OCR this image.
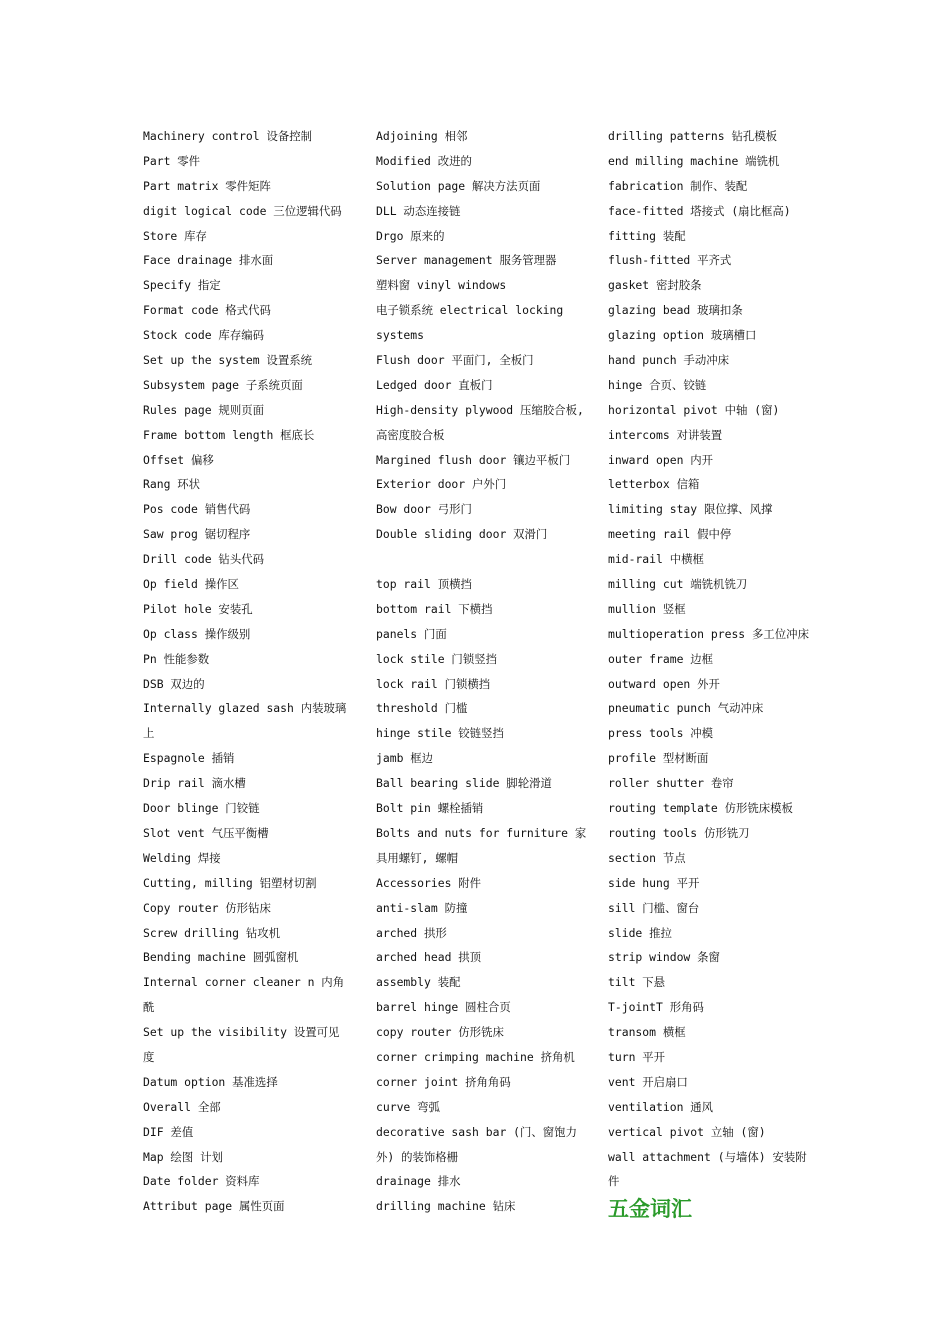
Machinery control 设备控制
Part 零件
Part matrix 零件矩阵
digit logical code 三位逻辑代码
Store 库存
Face drainage 排水面
Specify 指定
Format code 格式代码
Stock code 库存编码
Set up the system 设置系统
Subsystem page 子系统页面
Rules page 规则页面
Frame bottom length 框底长
Offset 偏移
Rang 环状
Pos code 销售代码
Saw prog 锯切程序
Drill code 钻头代码
Op field 操作区
Pilot hole 安装孔
Op class 操作级别
Pn 性能参数
DSB 双边的
Internally glazed sash 内装玻璃
上
Espagnole 插销
Drip rail 滴水槽
Door blinge 门铰链
Slot vent 气压平衡槽
Welding 焊接
Cutting, milling 铝塑材切割
Copy router 仿形钻床
Screw drilling 钻攻机
Bending machine 圆弧窗机
Internal corner cleaner n 内角
酰
Set up the visibility 设置可见
度
Datum option 基准选择
Overall 全部
DIF 差值
Map 绘图 计划
Date folder 资料库
Attribut page 属性页面
Adjoining 相邻
Modified 改进的
Solution page 解决方法页面
DLL 动态连接链
Drgo 原来的
Server management 服务管理器
塑料窗 vinyl windows
电子锁系统 electrical locking
systems
Flush door 平面门, 全板门
Ledged door 直板门
High-density plywood 压缩胶合板,
高密度胶合板
Margined flush door 镶边平板门
Exterior door 户外门
Bow door 弓形门
Double sliding door 双滑门
top rail 顶横挡
bottom rail 下横挡
panels 门面
lock stile 门锁竖挡
lock rail 门锁横挡
threshold 门槛
hinge stile 铰链竖挡
jamb 框边
Ball bearing slide 脚轮滑道
Bolt pin 螺栓插销
Bolts and nuts for furniture 家
具用螺钉, 螺帽
Accessories 附件
anti-slam 防撞
arched 拱形
arched head 拱顶
assembly 装配
barrel hinge 圆柱合页
copy router 仿形铣床
corner crimping machine 挤角机
corner joint 挤角角码
curve 弯弧
decorative sash bar (门、窗饱力
外) 的装饰格栅
drainage 排水
drilling machine 钻床
drilling patterns 钻孔模板
end milling machine 端铣机
fabrication 制作、装配
face-fitted 塔接式 (扇比框高)
fitting 装配
flush-fitted 平齐式
gasket 密封胶条
glazing bead 玻璃扣条
glazing option 玻璃槽口
hand punch 手动冲床
hinge 合页、铰链
horizontal pivot 中轴 (窗)
intercoms 对讲装置
inward open 内开
letterbox 信箱
limiting stay 限位撑、风撑
meeting rail 假中停
mid-rail 中横框
milling cut 端铣机铣刀
mullion 竖框
multioperation press 多工位冲床
outer frame 边框
outward open 外开
pneumatic punch 气动冲床
press tools 冲模
profile 型材断面
roller shutter 卷帘
routing template 仿形铣床模板
routing tools 仿形铣刀
section 节点
side hung 平开
sill 门槛、窗台
slide 推拉
strip window 条窗
tilt 下悬
T-jointT 形角码
transom 横框
turn 平开
vent 开启扇口
ventilation 通风
vertical pivot 立轴 (窗)
wall attachment (与墙体) 安装附
件
五金词汇
